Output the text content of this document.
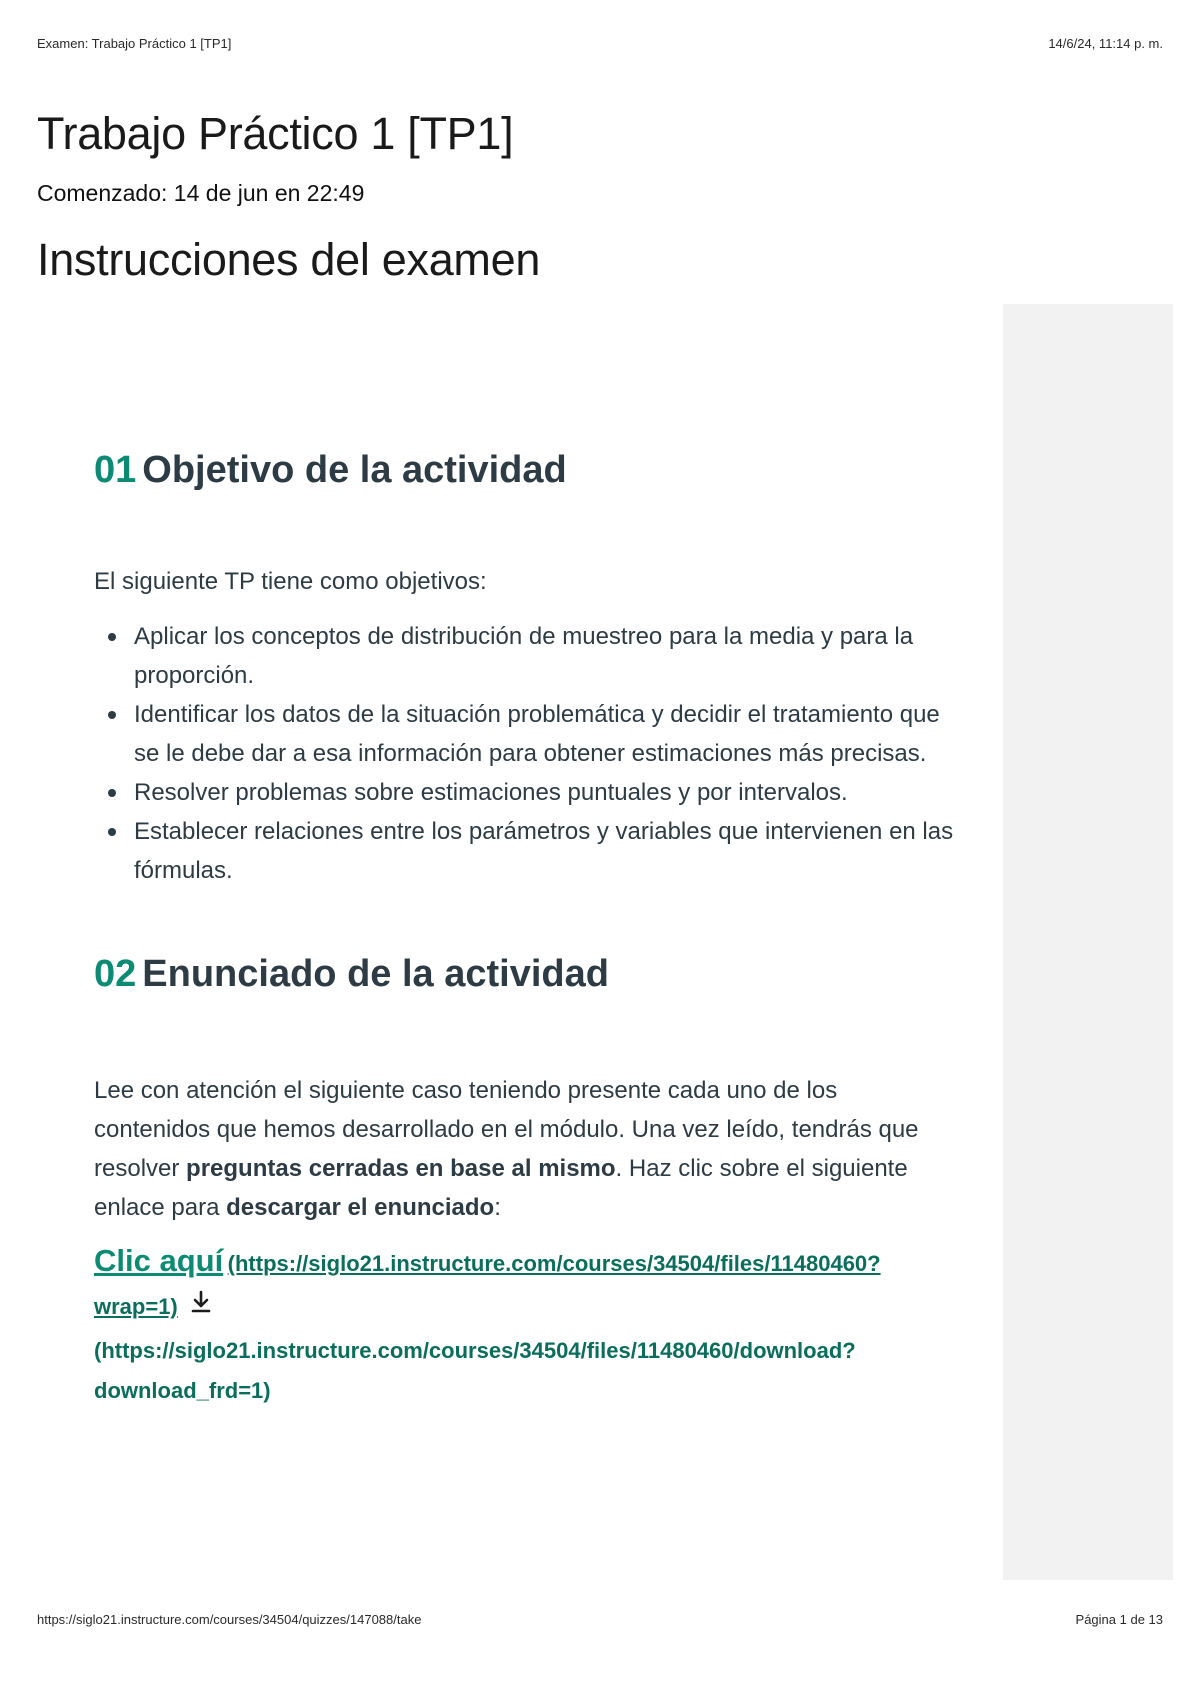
Examen: Trabajo Práctico 1 [TP1]	14/6/24, 11:14 p. m.
Trabajo Práctico 1 [TP1]
Comenzado: 14 de jun en 22:49
Instrucciones del examen
01 Objetivo de la actividad

El siguiente TP tiene como objetivos:

Aplicar los conceptos de distribución de muestreo para la media y para la proporción.
Identificar los datos de la situación problemática y decidir el tratamiento que se le debe dar a esa información para obtener estimaciones más precisas.
Resolver problemas sobre estimaciones puntuales y por intervalos.
Establecer relaciones entre los parámetros y variables que intervienen en las fórmulas.
02 Enunciado de la actividad

Lee con atención el siguiente caso teniendo presente cada uno de los contenidos que hemos desarrollado en el módulo. Una vez leído, tendrás que resolver preguntas cerradas en base al mismo. Haz clic sobre el siguiente enlace para descargar el enunciado:

Clic aquí (https://siglo21.instructure.com/courses/34504/files/11480460?wrap=1)
(https://siglo21.instructure.com/courses/34504/files/11480460/download?download_frd=1)
https://siglo21.instructure.com/courses/34504/quizzes/147088/take	Página 1 de 13
